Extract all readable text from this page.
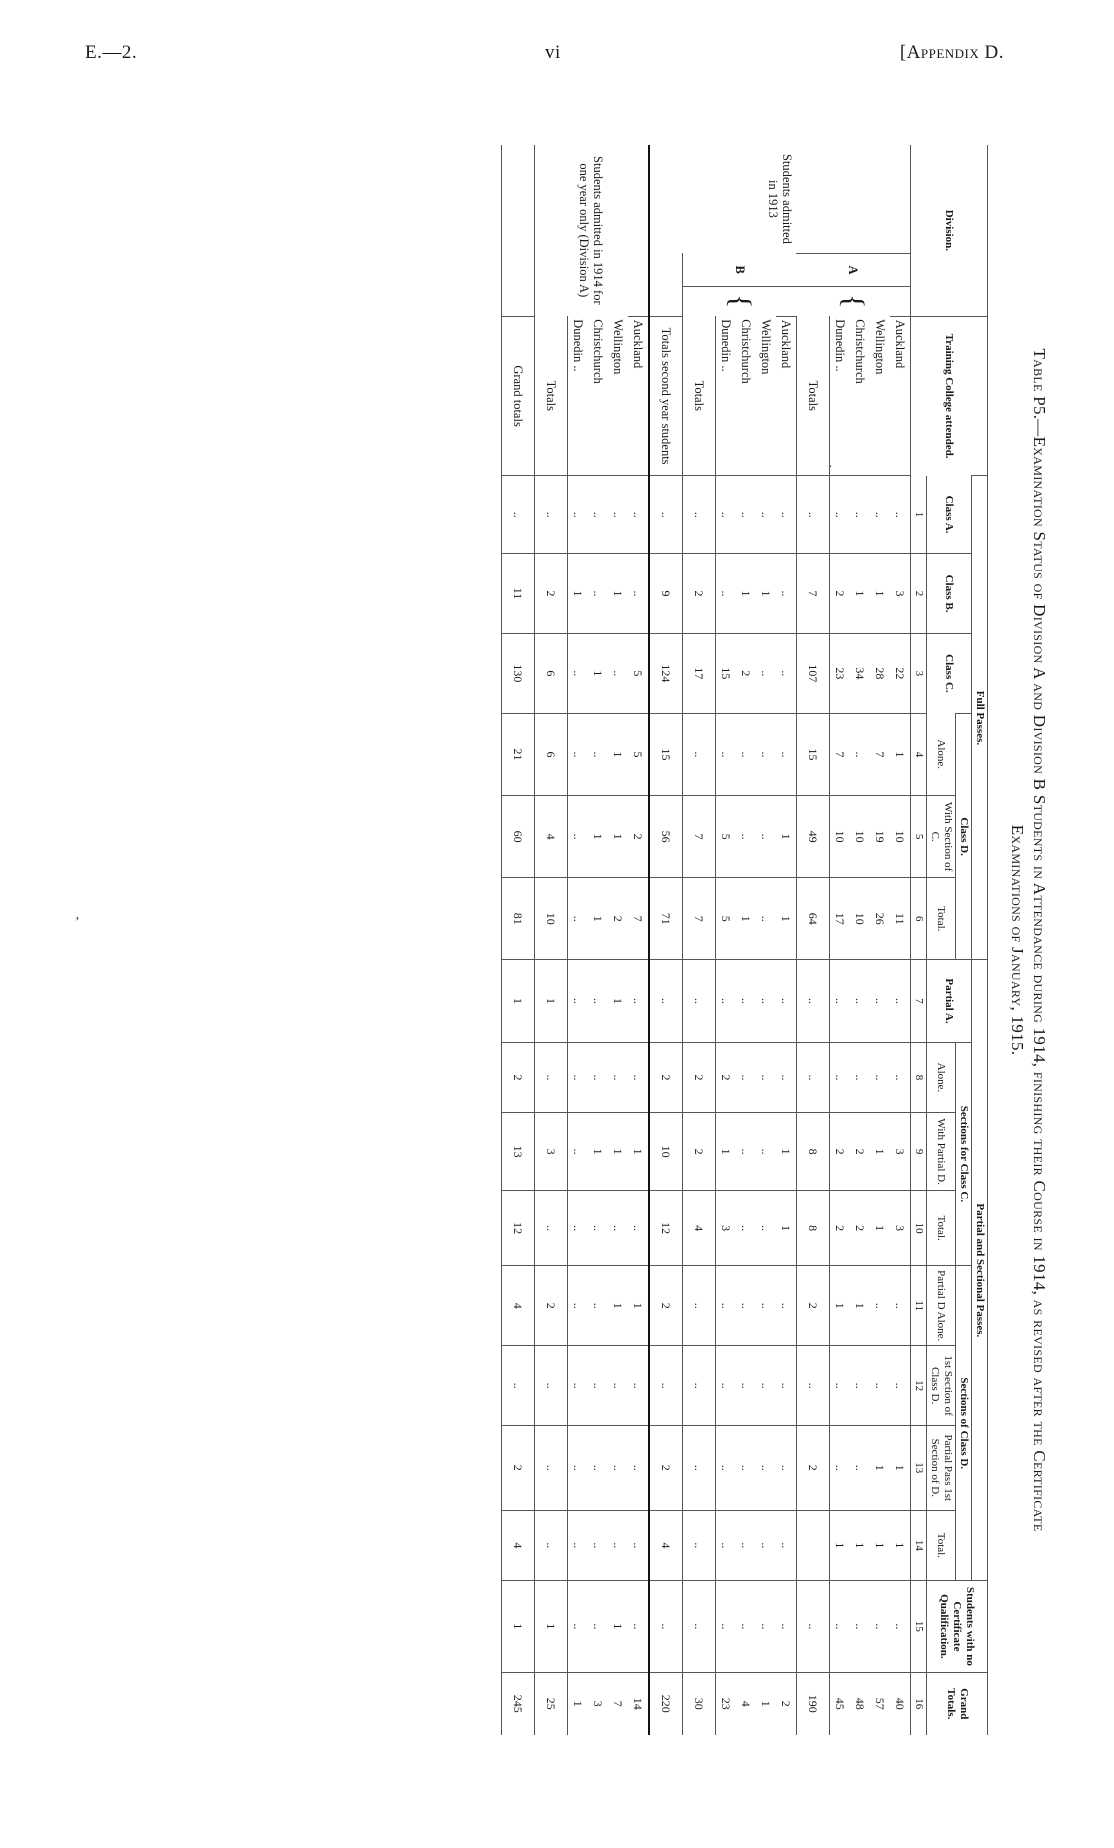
E.—2.	vi	[Appendix D.
ʼ
·	Table P5.—Examination Status of Division A and Division B Students in Attendance during 1914, finishing their Course in 1914, as revised after the Certificate
Examinations of January, 1915.
Division.			Training College attended.	Full Passes.						Partial and Sectional Passes.								Students with no Certificate Qualification.	Grand Totals.
				Class A.	Class B.	Class C.	Class D.			Partial A.	Sections for Class C.			Sections of Class D.					
							Alone.	With Section of C.	Total.		Alone.	With Partial D.	Total.	Partial D Alone.	1st Section of Class D.	Partial Pass 1st Section of D.	Total.		
				1	2	3	4	5	6	7	8	9	10	11	12	13	14	15	16
Students admitted in 1913	A	{	Auckland	..	3	22	1	10	11	..	..	3	3	..	..	1	1	..	40
			Wellington	..	1	28	7	19	26	..	..	1	1	..	..	1	1	..	57
			Christchurch	..	1	34	..	10	10	..	..	2	2	1	..	..	1	..	48
			Dunedin ..	..	2	23	7	10	17	..	..	2	2	1	..	..	1	..	45
			Totals	..	7	107	15	49	64	..	..	8	8	2	..	2		..	190
	B	{	Auckland	..	..	..	..	1	1	..	..	1	1	..	..	..	..	..	2
			Wellington	..	1	..	..	..	..	..	..	..	..	..	..	..	..	..	1
			Christchurch	..	1	2	..	..	1	..	..	..	..	..	..	..	..	..	4
			Dunedin ..	..	..	15	..	5	5	..	2	1	3	..	..	..	..	..	23
			Totals	..	2	17	..	7	7	..	2	2	4	..	..	..	..	..	30
			Totals second year students	..	9	124	15	56	71	..	2	10	12	2	..	2	4	..	220
Students admitted in 1914 for one year only (Division A)			Auckland	..	..	5	5	2	7	..	..	1	..	1	..	..	..	..	14
			Wellington	..	1	..	1	1	2	1	..	1	..	1	..	..	..	1	7
			Christchurch	..	..	1	..	1	1	..	..	1	..	..	..	..	..	..	3
			Dunedin ..	..	1	..	..	..	..	..	..	..	..	..	..	..	..	..	1
			Totals	..	2	6	6	4	10	1	..	3	..	2	..	..	..	1	25
			Grand totals	..	11	130	21	60	81	1	2	13	12	4	..	2	4	1	245
